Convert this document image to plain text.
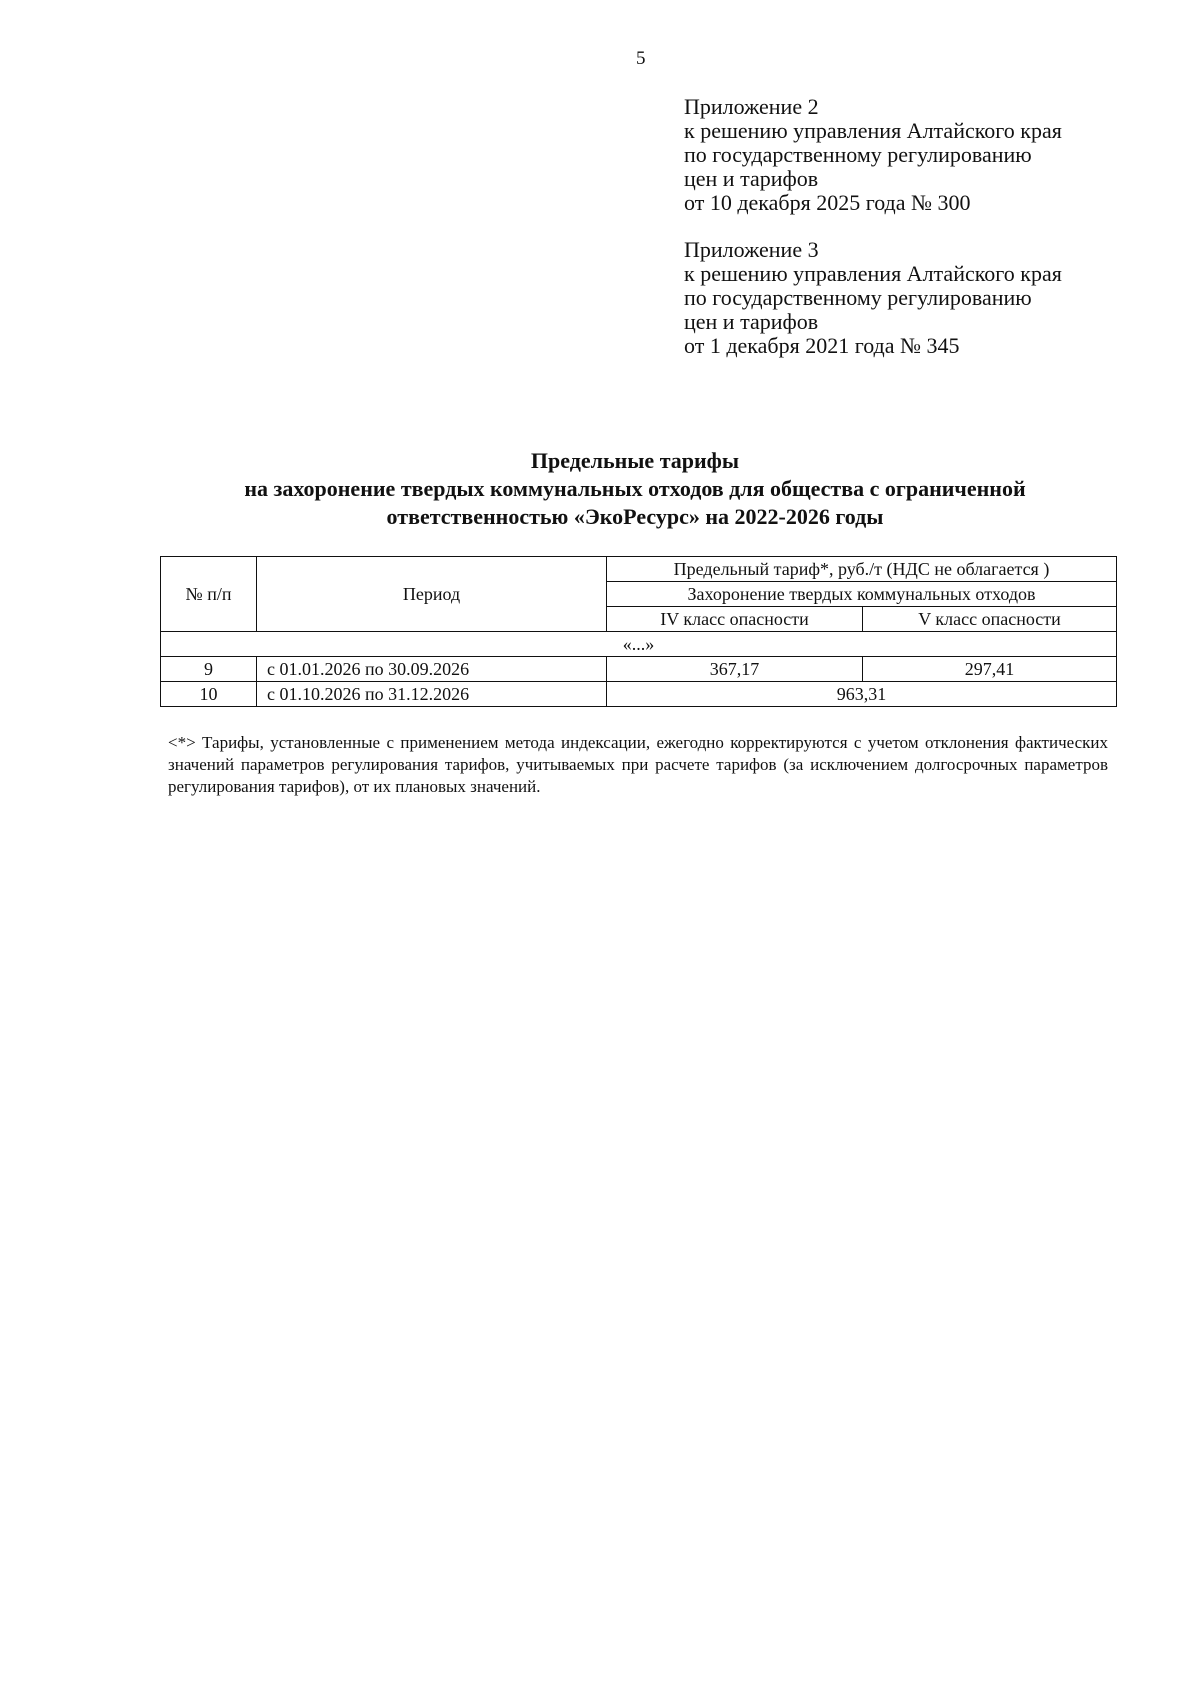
5
Приложение 2
к решению управления Алтайского края
по государственному регулированию
цен и тарифов
от 10 декабря 2025 года № 300
Приложение 3
к решению управления Алтайского края
по государственному регулированию
цен и тарифов
от 1 декабря 2021 года № 345
Предельные тарифы
на захоронение твердых коммунальных отходов для общества с ограниченной
ответственностью «ЭкоРесурс» на 2022-2026 годы
№ п/п	Период	Предельный тариф*, руб./т (НДС не облагается )	
		Захоронение твердых коммунальных отходов	
		IV класс опасности	V класс опасности
«...»			
9	с 01.01.2026 по 30.09.2026	367,17	297,41
10	с 01.10.2026 по 31.12.2026	963,31	
<*> Тарифы, установленные с применением метода индексации, ежегодно корректируются с учетом отклонения фактических значений параметров регулирования тарифов, учитываемых при расчете тарифов (за исключением долгосрочных параметров регулирования тарифов), от их плановых значений.
